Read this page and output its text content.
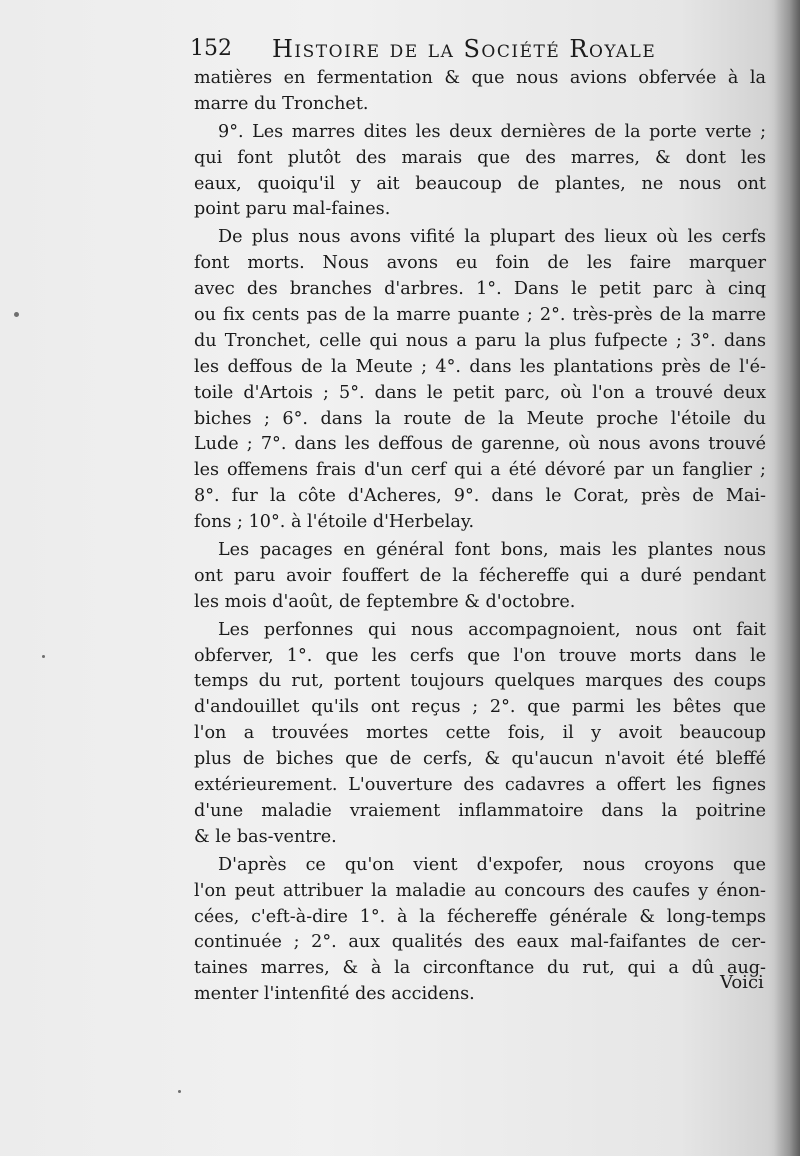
152 Histoire de la Société Royale
matières en fermentation & que nous avions obfervée à la
marre du Tronchet.
9°. Les marres dites les deux dernières de la porte verte ;
qui font plutôt des marais que des marres, & dont les
eaux, quoiqu'il y ait beaucoup de plantes, ne nous ont
point paru mal-faines.
De plus nous avons vifité la plupart des lieux où les cerfs
font morts. Nous avons eu foin de les faire marquer
avec des branches d'arbres. 1°. Dans le petit parc à cinq
ou fix cents pas de la marre puante ; 2°. très-près de la marre
du Tronchet, celle qui nous a paru la plus fufpecte ; 3°. dans
les deffous de la Meute ; 4°. dans les plantations près de l'é-
toile d'Artois ; 5°. dans le petit parc, où l'on a trouvé deux
biches ; 6°. dans la route de la Meute proche l'étoile du
Lude ; 7°. dans les deffous de garenne, où nous avons trouvé
les offemens frais d'un cerf qui a été dévoré par un fanglier ;
8°. fur la côte d'Acheres, 9°. dans le Corat, près de Mai-
fons ; 10°. à l'étoile d'Herbelay.
Les pacages en général font bons, mais les plantes nous
ont paru avoir fouffert de la féchereffe qui a duré pendant
les mois d'août, de feptembre & d'octobre.
Les perfonnes qui nous accompagnoient, nous ont fait
obferver, 1°. que les cerfs que l'on trouve morts dans le
temps du rut, portent toujours quelques marques des coups
d'andouillet qu'ils ont reçus ; 2°. que parmi les bêtes que
l'on a trouvées mortes cette fois, il y avoit beaucoup
plus de biches que de cerfs, & qu'aucun n'avoit été bleffé
extérieurement. L'ouverture des cadavres a offert les fignes
d'une maladie vraiement inflammatoire dans la poitrine
& le bas-ventre.
D'après ce qu'on vient d'expofer, nous croyons que
l'on peut attribuer la maladie au concours des caufes y énon-
cées, c'eft-à-dire 1°. à la féchereffe générale & long-temps
continuée ; 2°. aux qualités des eaux mal-faifantes de cer-
taines marres, & à la circonftance du rut, qui a dû aug-
menter l'intenfité des accidens.
Voici
